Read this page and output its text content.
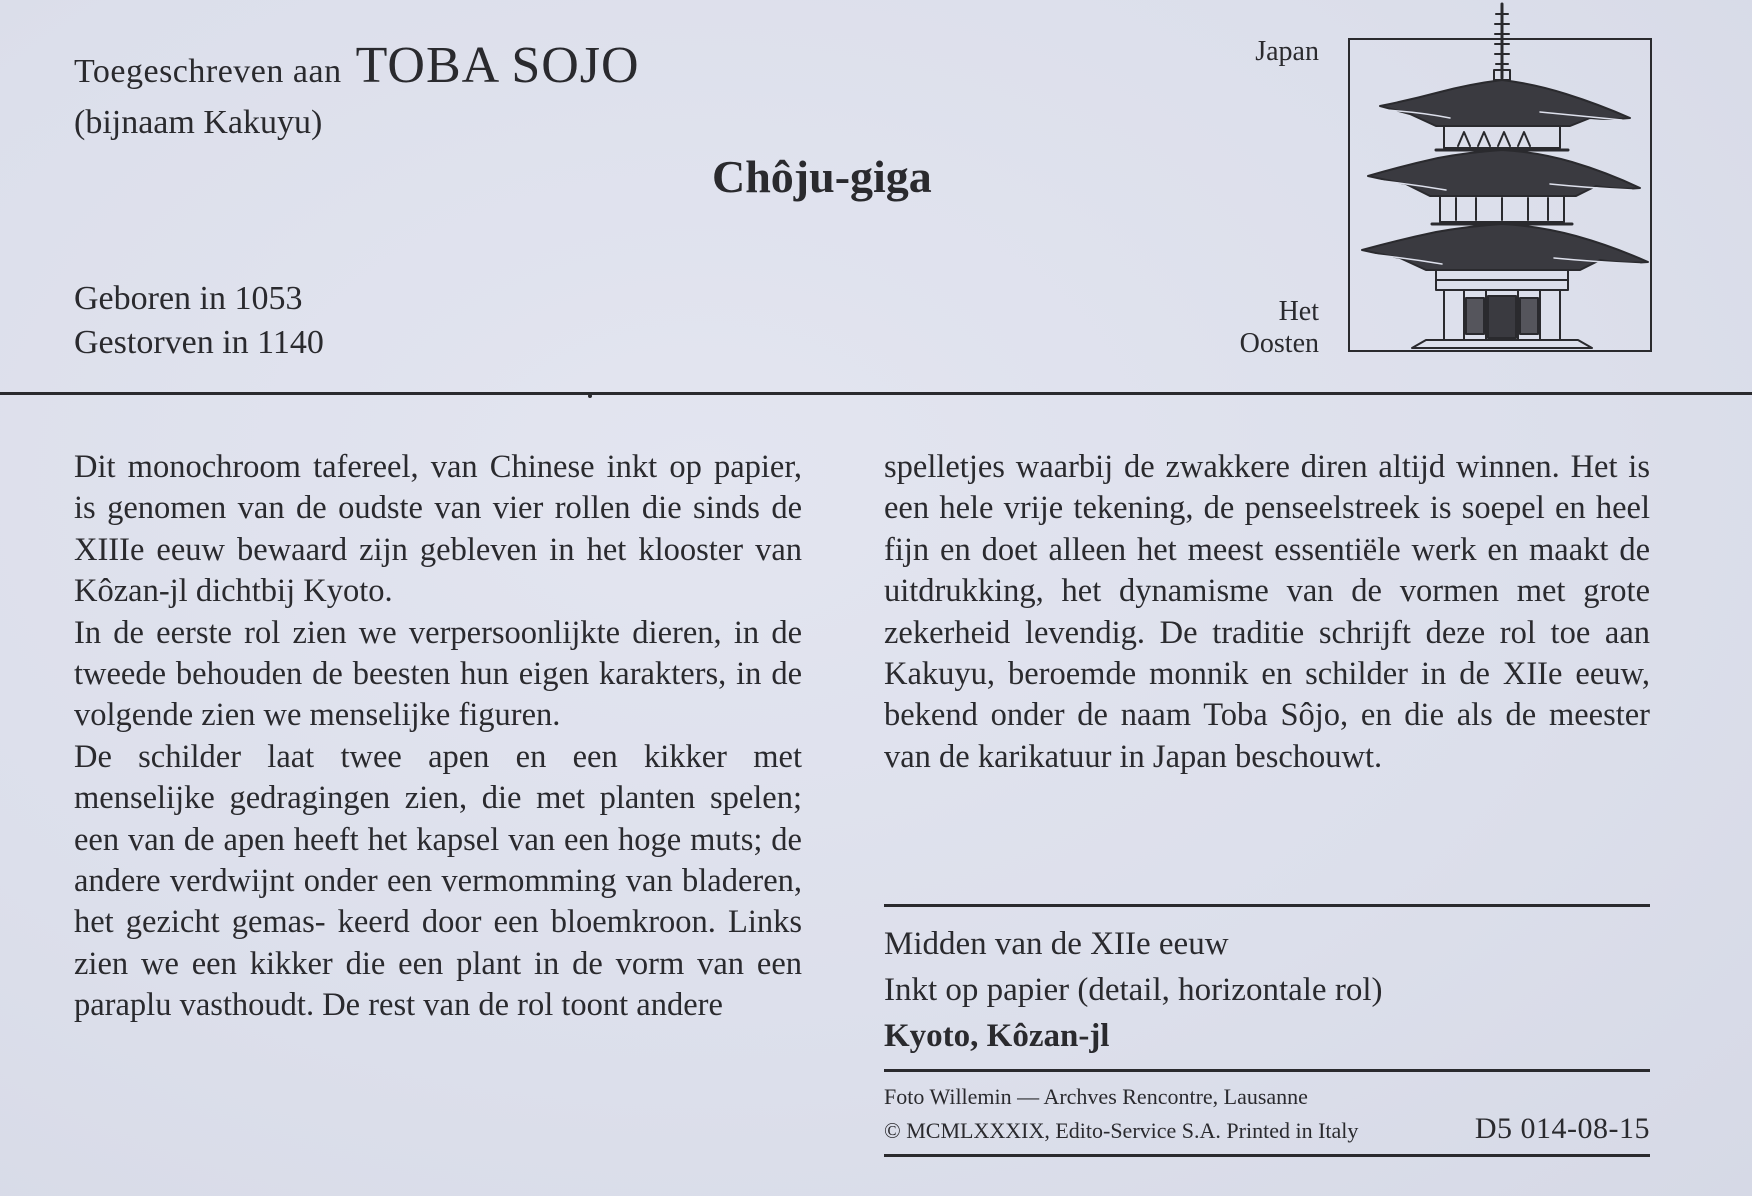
Toegeschreven aan TOBA SOJO
(bijnaam Kakuyu)
Chôju-giga
Geboren in 1053
Gestorven in 1140
Japan
Het
Oosten

Dit monochroom tafereel, van Chinese inkt op papier, is genomen van de oudste van vier rollen die sinds de XIIIe eeuw bewaard zijn gebleven in het klooster van Kôzan-jl dichtbij Kyoto.

In de eerste rol zien we verpersoonlijkte dieren, in de tweede behouden de beesten hun eigen karakters, in de volgende zien we menselijke figuren.

De schilder laat twee apen en een kikker met menselijke gedragingen zien, die met planten spelen; een van de apen heeft het kapsel van een hoge muts; de andere verdwijnt onder een vermomming van bladeren, het gezicht gemas- keerd door een bloemkroon. Links zien we een kikker die een plant in de vorm van een paraplu vasthoudt. De rest van de rol toont andere

spelletjes waarbij de zwakkere diren altijd winnen. Het is een hele vrije tekening, de penseelstreek is soepel en heel fijn en doet alleen het meest essentiële werk en maakt de uitdrukking, het dynamisme van de vormen met grote zekerheid levendig. De traditie schrijft deze rol toe aan Kakuyu, beroemde monnik en schilder in de XIIe eeuw, bekend onder de naam Toba Sôjo, en die als de meester van de karikatuur in Japan beschouwt.

Midden van de XIIe eeuw
Inkt op papier (detail, horizontale rol)
Kyoto, Kôzan-jl
Foto Willemin — Archves Rencontre, Lausanne
© MCMLXXXIX, Edito-Service S.A. Printed in Italy	D5 014-08-15
